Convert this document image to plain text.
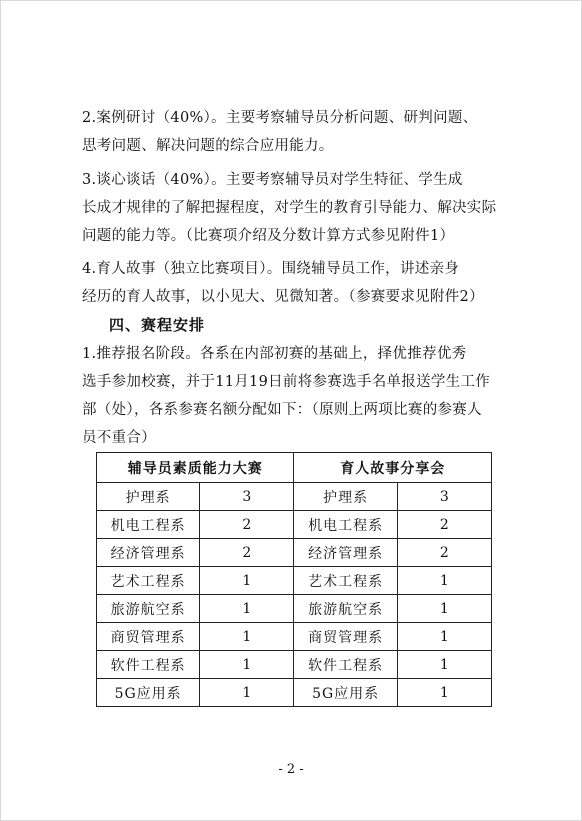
2.案例研讨（40%）。主要考察辅导员分析问题、研判问题、
思考问题、解决问题的综合应用能力。

3.谈心谈话（40%）。主要考察辅导员对学生特征、学生成
长成才规律的了解把握程度，对学生的教育引导能力、解决实际
问题的能力等。（比赛项介绍及分数计算方式参见附件1）

4.育人故事（独立比赛项目）。围绕辅导员工作，讲述亲身
经历的育人故事，以小见大、见微知著。（参赛要求见附件2）

四、赛程安排

1.推荐报名阶段。各系在内部初赛的基础上，择优推荐优秀
选手参加校赛，并于11月19日前将参赛选手名单报送学生工作
部（处），各系参赛名额分配如下：（原则上两项比赛的参赛人
员不重合）

辅导员素质能力大赛		育人故事分享会	
护理系	3	护理系	3
机电工程系	2	机电工程系	2
经济管理系	2	经济管理系	2
艺术工程系	1	艺术工程系	1
旅游航空系	1	旅游航空系	1
商贸管理系	1	商贸管理系	1
软件工程系	1	软件工程系	1
5G应用系	1	5G应用系	1
- 2 -
